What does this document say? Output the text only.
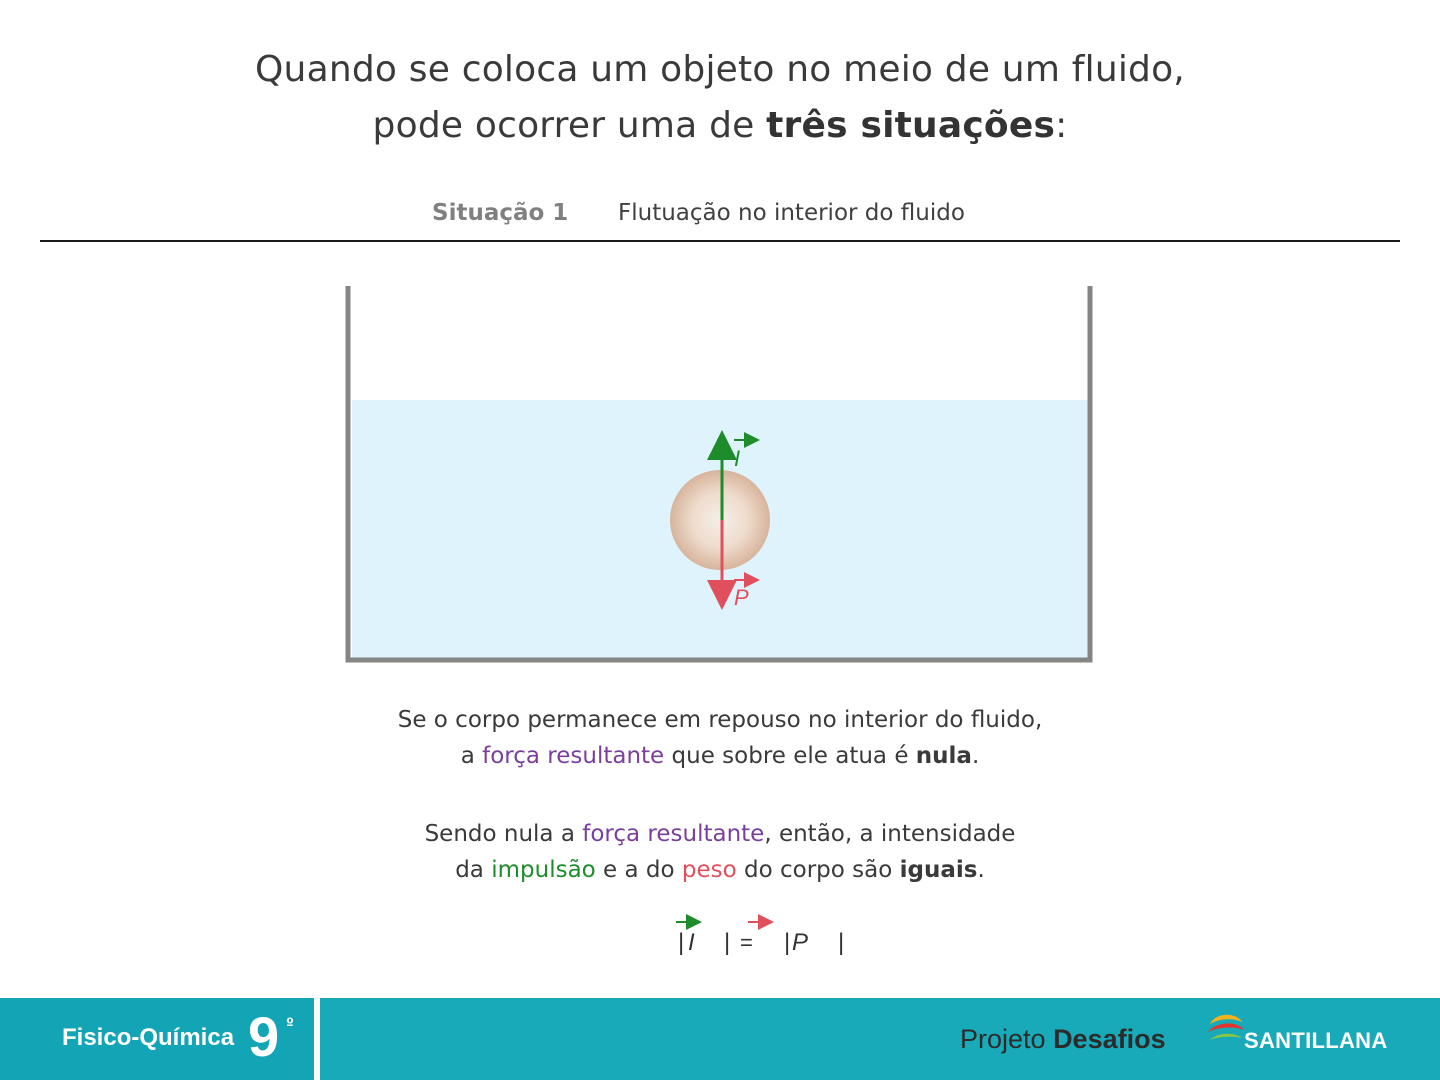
Quando se coloca um objeto no meio de um fluido,
pode ocorrer uma de três situações:
Situação 1 Flutuação no interior do fluido
I
P
Se o corpo permanece em repouso no interior do fluido,
a força resultante que sobre ele atua é nula.
Sendo nula a força resultante, então, a intensidade
da impulsão e a do peso do corpo são iguais.
| I | = | P |
Fisico-Química 9 º	Projeto Desafios	SANTILLANA
